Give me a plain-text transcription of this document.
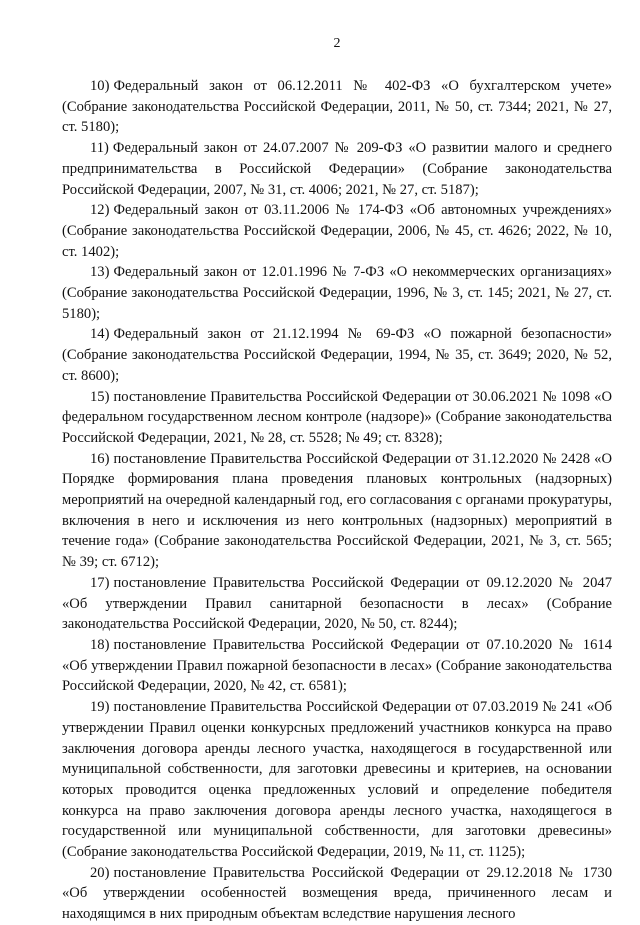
2

10) Федеральный закон от 06.12.2011 № 402-ФЗ «О бухгалтерском учете» (Собрание законодательства Российской Федерации, 2011, № 50, ст. 7344; 2021, № 27, ст. 5180);

11) Федеральный закон от 24.07.2007 № 209-ФЗ «О развитии малого и среднего предпринимательства в Российской Федерации» (Собрание законодательства Российской Федерации, 2007, № 31, ст. 4006; 2021, № 27, ст. 5187);

12) Федеральный закон от 03.11.2006 № 174-ФЗ «Об автономных учреждениях» (Собрание законодательства Российской Федерации, 2006, № 45, ст. 4626; 2022, № 10, ст. 1402);

13) Федеральный закон от 12.01.1996 № 7-ФЗ «О некоммерческих организациях» (Собрание законодательства Российской Федерации, 1996, № 3, ст. 145; 2021, № 27, ст. 5180);

14) Федеральный закон от 21.12.1994 № 69-ФЗ «О пожарной безопасности» (Собрание законодательства Российской Федерации, 1994, № 35, ст. 3649; 2020, № 52, ст. 8600);

15) постановление Правительства Российской Федерации от 30.06.2021 № 1098 «О федеральном государственном лесном контроле (надзоре)» (Собрание законодательства Российской Федерации, 2021, № 28, ст. 5528; № 49; ст. 8328);

16) постановление Правительства Российской Федерации от 31.12.2020 № 2428 «О Порядке формирования плана проведения плановых контрольных (надзорных) мероприятий на очередной календарный год, его согласования с органами прокуратуры, включения в него и исключения из него контрольных (надзорных) мероприятий в течение года» (Собрание законодательства Российской Федерации, 2021, № 3, ст. 565; № 39; ст. 6712);

17) постановление Правительства Российской Федерации от 09.12.2020 № 2047 «Об утверждении Правил санитарной безопасности в лесах» (Собрание законодательства Российской Федерации, 2020, № 50, ст. 8244);

18) постановление Правительства Российской Федерации от 07.10.2020 № 1614 «Об утверждении Правил пожарной безопасности в лесах» (Собрание законодательства Российской Федерации, 2020, № 42, ст. 6581);

19) постановление Правительства Российской Федерации от 07.03.2019 № 241 «Об утверждении Правил оценки конкурсных предложений участников конкурса на право заключения договора аренды лесного участка, находящегося в государственной или муниципальной собственности, для заготовки древесины и критериев, на основании которых проводится оценка предложенных условий и определение победителя конкурса на право заключения договора аренды лесного участка, находящегося в государственной или муниципальной собственности, для заготовки древесины» (Собрание законодательства Российской Федерации, 2019, № 11, ст. 1125);

20) постановление Правительства Российской Федерации от 29.12.2018 № 1730 «Об утверждении особенностей возмещения вреда, причиненного лесам и находящимся в них природным объектам вследствие нарушения лесного
